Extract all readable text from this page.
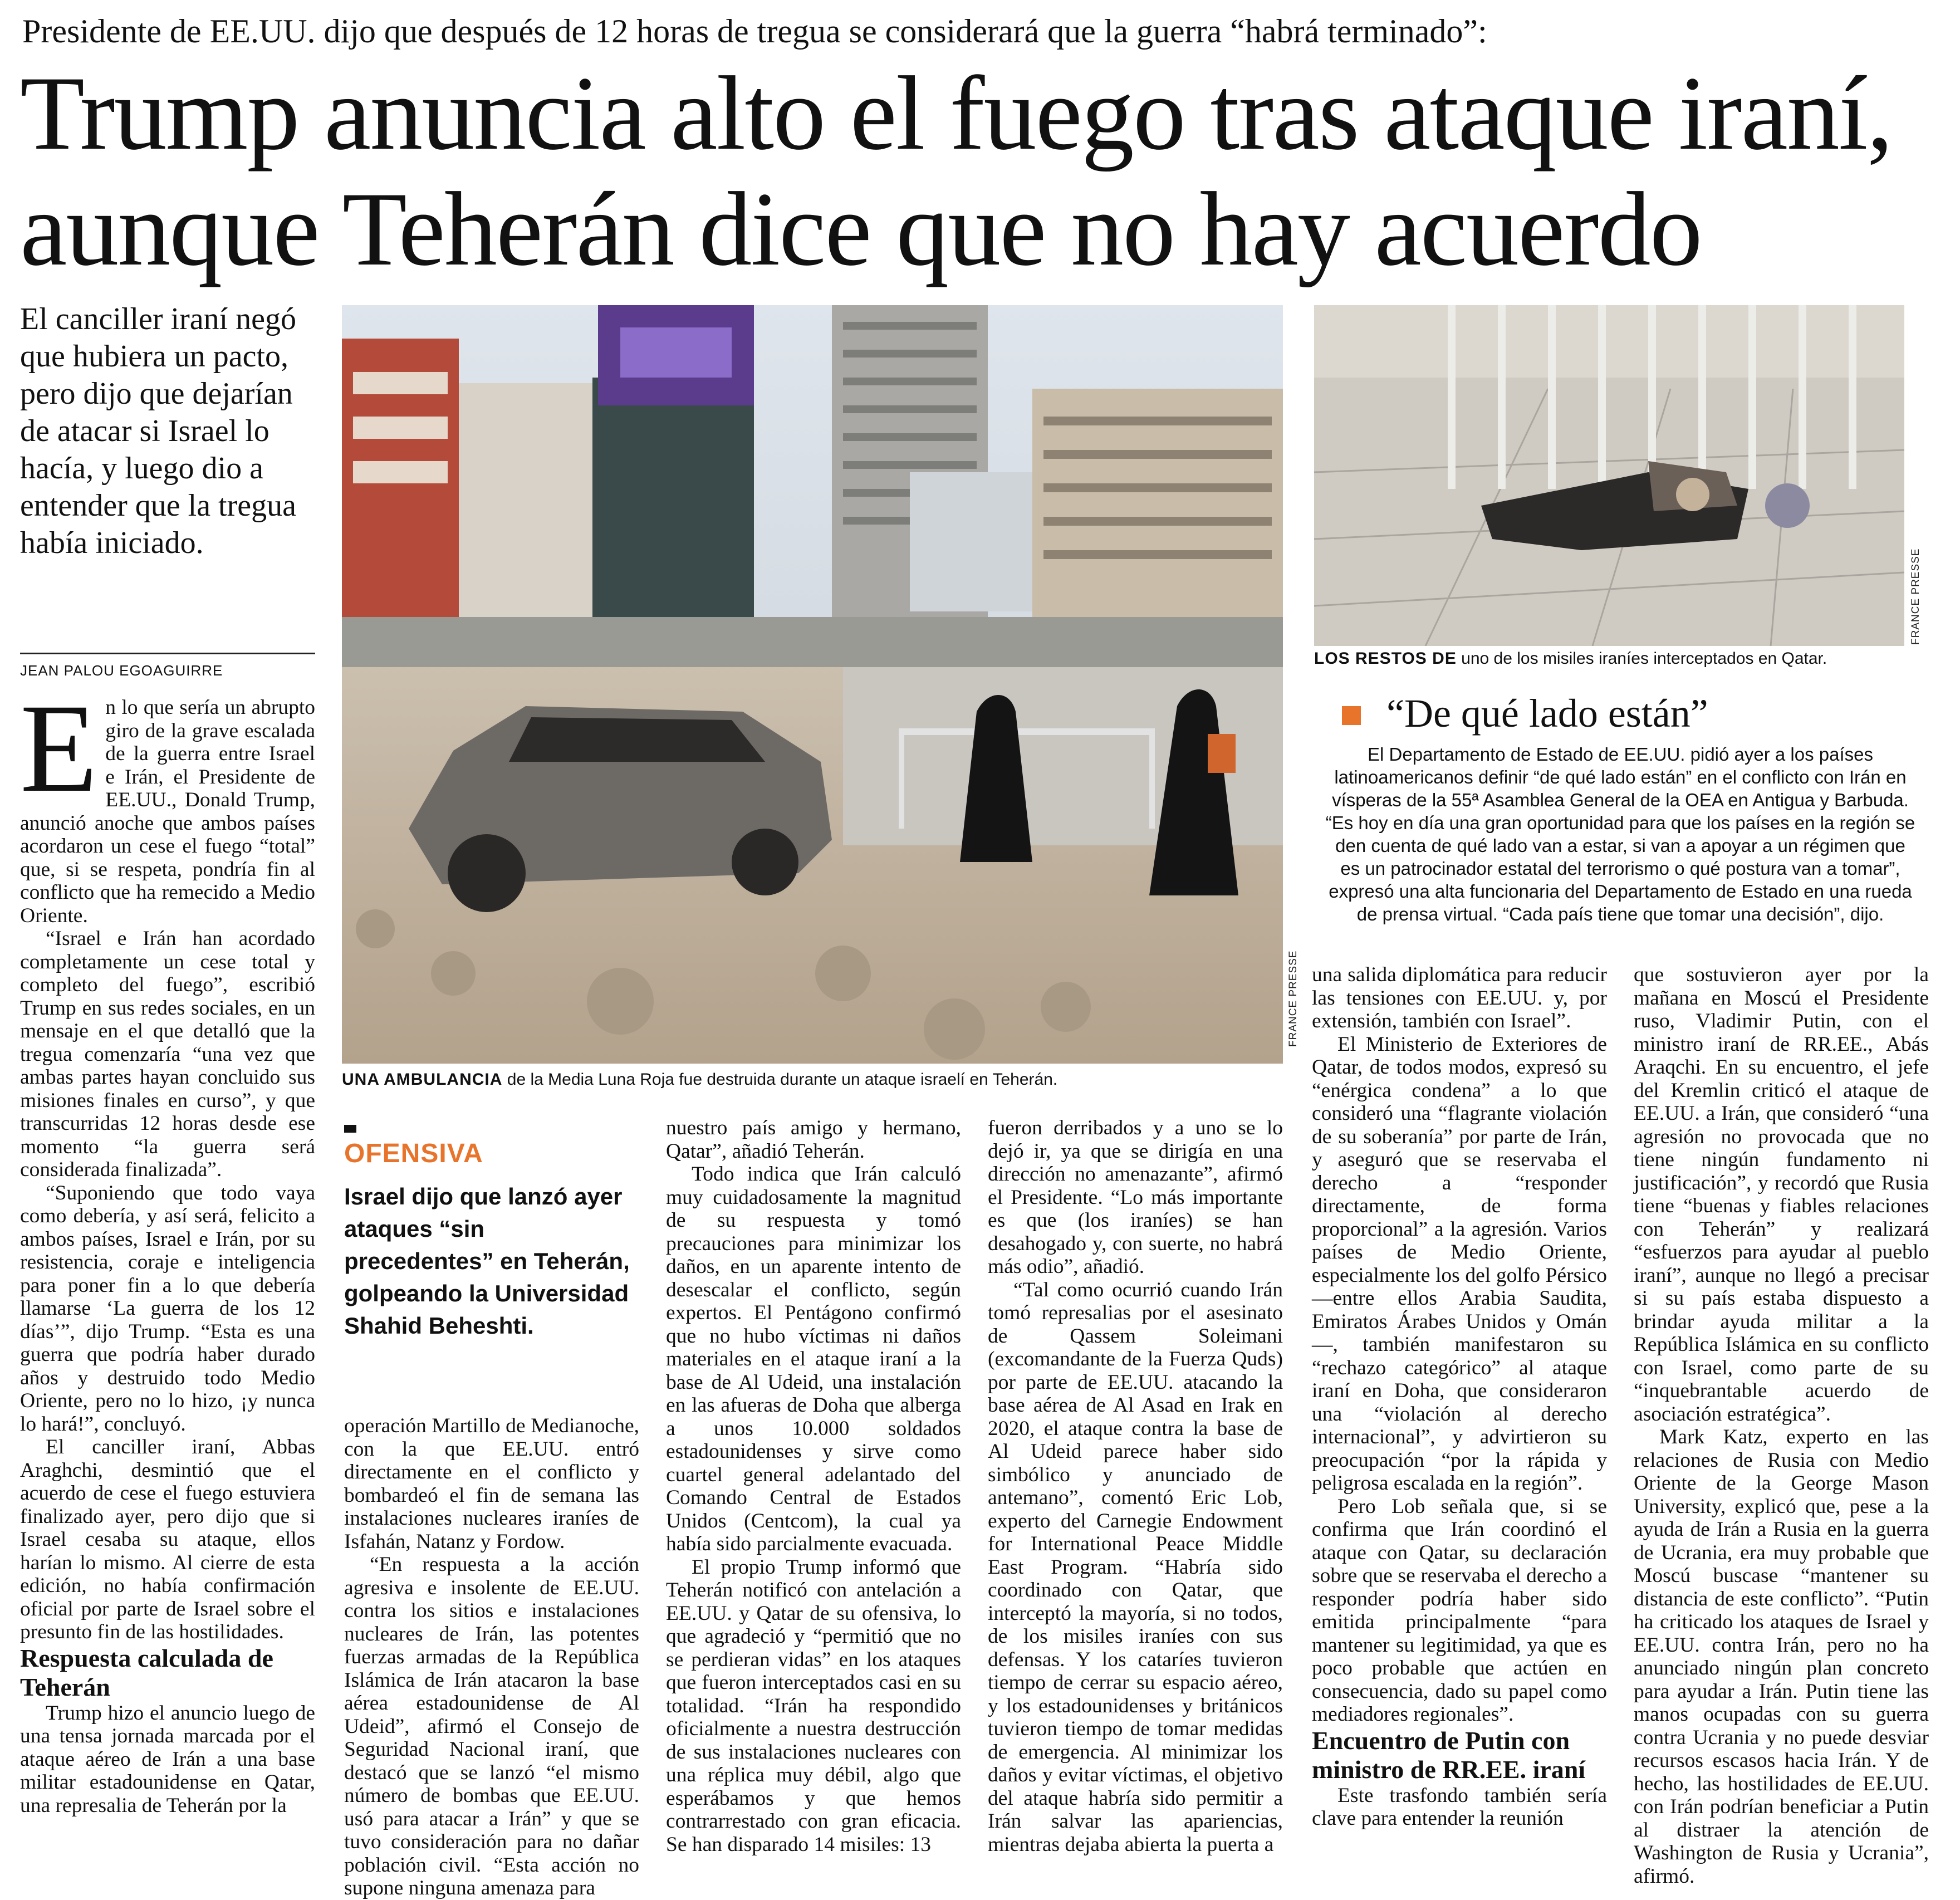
Presidente de EE.UU. dijo que después de 12 horas de tregua se considerará que la guerra “habrá terminado”:
Trump anuncia alto el fuego tras ataque iraní,
aunque Teherán dice que no hay acuerdo
El canciller iraní negó que hubiera un pacto, pero dijo que dejarían de atacar si Israel lo hacía, y luego dio a entender que la tregua había iniciado.
JEAN PALOU EGOAGUIRRE

En lo que sería un abrupto giro de la grave escalada de la guerra entre Israel e Irán, el Presidente de EE.UU., Donald Trump, anunció anoche que ambos países acordaron un cese el fuego “total” que, si se respeta, pondría fin al conflicto que ha remecido a Medio Oriente.

“Israel e Irán han acordado completamente un cese total y completo del fuego”, escribió Trump en sus redes sociales, en un mensaje en el que detalló que la tregua comenzaría “una vez que ambas partes hayan concluido sus misiones finales en curso”, y que transcurridas 12 horas desde ese momento “la guerra será considerada finalizada”.

“Suponiendo que todo vaya como debería, y así será, felicito a ambos países, Israel e Irán, por su resistencia, coraje e inteligencia para poner fin a lo que debería llamarse ‘La guerra de los 12 días’”, dijo Trump. “Esta es una guerra que podría haber durado años y destruido todo Medio Oriente, pero no lo hizo, ¡y nunca lo hará!”, concluyó.

El canciller iraní, Abbas Araghchi, desmintió que el acuerdo de cese el fuego estuviera finalizado ayer, pero dijo que si Israel cesaba su ataque, ellos harían lo mismo. Al cierre de esta edición, no había confirmación oficial por parte de Israel sobre el presunto fin de las hostilidades.

Respuesta calculada de Teherán

Trump hizo el anuncio luego de una tensa jornada marcada por el ataque aéreo de Irán a una base militar estadounidense en Qatar, una represalia de Teherán por la

FRANCE PRESSE
UNA AMBULANCIA de la Media Luna Roja fue destruida durante un ataque israelí en Teherán.
FRANCE PRESSE
LOS RESTOS DE uno de los misiles iraníes interceptados en Qatar.
“De qué lado están”

El Departamento de Estado de EE.UU. pidió ayer a los países latinoamericanos definir “de qué lado están” en el conflicto con Irán en vísperas de la 55ª Asamblea General de la OEA en Antigua y Barbuda.

“Es hoy en día una gran oportunidad para que los países en la región se den cuenta de qué lado van a estar, si van a apoyar a un régimen que es un patrocinador estatal del terrorismo o qué postura van a tomar”, expresó una alta funcionaria del Departamento de Estado en una rueda de prensa virtual. “Cada país tiene que tomar una decisión”, dijo.

OFENSIVA
Israel dijo que lanzó ayer ataques “sin precedentes” en Teherán, golpeando la Universidad Shahid Beheshti.

operación Martillo de Medianoche, con la que EE.UU. entró directamente en el conflicto y bombardeó el fin de semana las instalaciones nucleares iraníes de Isfahán, Natanz y Fordow.

“En respuesta a la acción agresiva e insolente de EE.UU. contra los sitios e instalaciones nucleares de Irán, las potentes fuerzas armadas de la República Islámica de Irán atacaron la base aérea estadounidense de Al Udeid”, afirmó el Consejo de Seguridad Nacional iraní, que destacó que se lanzó “el mismo número de bombas que EE.UU. usó para atacar a Irán” y que se tuvo consideración para no dañar población civil. “Esta acción no supone ninguna amenaza para

nuestro país amigo y hermano, Qatar”, añadió Teherán.

Todo indica que Irán calculó muy cuidadosamente la magnitud de su respuesta y tomó precauciones para minimizar los daños, en un aparente intento de desescalar el conflicto, según expertos. El Pentágono confirmó que no hubo víctimas ni daños materiales en el ataque iraní a la base de Al Udeid, una instalación en las afueras de Doha que alberga a unos 10.000 soldados estadounidenses y sirve como cuartel general adelantado del Comando Central de Estados Unidos (Centcom), la cual ya había sido parcialmente evacuada.

El propio Trump informó que Teherán notificó con antelación a EE.UU. y Qatar de su ofensiva, lo que agradeció y “permitió que no se perdieran vidas” en los ataques que fueron interceptados casi en su totalidad. “Irán ha respondido oficialmente a nuestra destrucción de sus instalaciones nucleares con una réplica muy débil, algo que esperábamos y que hemos contrarrestado con gran eficacia. Se han disparado 14 misiles: 13

fueron derribados y a uno se lo dejó ir, ya que se dirigía en una dirección no amenazante”, afirmó el Presidente. “Lo más importante es que (los iraníes) se han desahogado y, con suerte, no habrá más odio”, añadió.

“Tal como ocurrió cuando Irán tomó represalias por el asesinato de Qassem Soleimani (excomandante de la Fuerza Quds) por parte de EE.UU. atacando la base aérea de Al Asad en Irak en 2020, el ataque contra la base de Al Udeid parece haber sido simbólico y anunciado de antemano”, comentó Eric Lob, experto del Carnegie Endowment for International Peace Middle East Program. “Habría sido coordinado con Qatar, que interceptó la mayoría, si no todos, de los misiles iraníes con sus defensas. Y los cataríes tuvieron tiempo de cerrar su espacio aéreo, y los estadounidenses y británicos tuvieron tiempo de tomar medidas de emergencia. Al minimizar los daños y evitar víctimas, el objetivo del ataque habría sido permitir a Irán salvar las apariencias, mientras dejaba abierta la puerta a

una salida diplomática para reducir las tensiones con EE.UU. y, por extensión, también con Israel”.

El Ministerio de Exteriores de Qatar, de todos modos, expresó su “enérgica condena” a lo que consideró una “flagrante violación de su soberanía” por parte de Irán, y aseguró que se reservaba el derecho a “responder directamente, de forma proporcional” a la agresión. Varios países de Medio Oriente, especialmente los del golfo Pérsico —entre ellos Arabia Saudita, Emiratos Árabes Unidos y Omán—, también manifestaron su “rechazo categórico” al ataque iraní en Doha, que consideraron una “violación al derecho internacional”, y advirtieron su preocupación “por la rápida y peligrosa escalada en la región”.

Pero Lob señala que, si se confirma que Irán coordinó el ataque con Qatar, su declaración sobre que se reservaba el derecho a responder podría haber sido emitida principalmente “para mantener su legitimidad, ya que es poco probable que actúen en consecuencia, dado su papel como mediadores regionales”.

Encuentro de Putin con ministro de RR.EE. iraní

Este trasfondo también sería clave para entender la reunión

que sostuvieron ayer por la mañana en Moscú el Presidente ruso, Vladimir Putin, con el ministro iraní de RR.EE., Abás Araqchi. En su encuentro, el jefe del Kremlin criticó el ataque de EE.UU. a Irán, que consideró “una agresión no provocada que no tiene ningún fundamento ni justificación”, y recordó que Rusia tiene “buenas y fiables relaciones con Teherán” y realizará “esfuerzos para ayudar al pueblo iraní”, aunque no llegó a precisar si su país estaba dispuesto a brindar ayuda militar a la República Islámica en su conflicto con Israel, como parte de su “inquebrantable acuerdo de asociación estratégica”.

Mark Katz, experto en las relaciones de Rusia con Medio Oriente de la George Mason University, explicó que, pese a la ayuda de Irán a Rusia en la guerra de Ucrania, era muy probable que Moscú buscase “mantener su distancia de este conflicto”. “Putin ha criticado los ataques de Israel y EE.UU. contra Irán, pero no ha anunciado ningún plan concreto para ayudar a Irán. Putin tiene las manos ocupadas con su guerra contra Ucrania y no puede desviar recursos escasos hacia Irán. Y de hecho, las hostilidades de EE.UU. con Irán podrían beneficiar a Putin al distraer la atención de Washington de Rusia y Ucrania”, afirmó.
